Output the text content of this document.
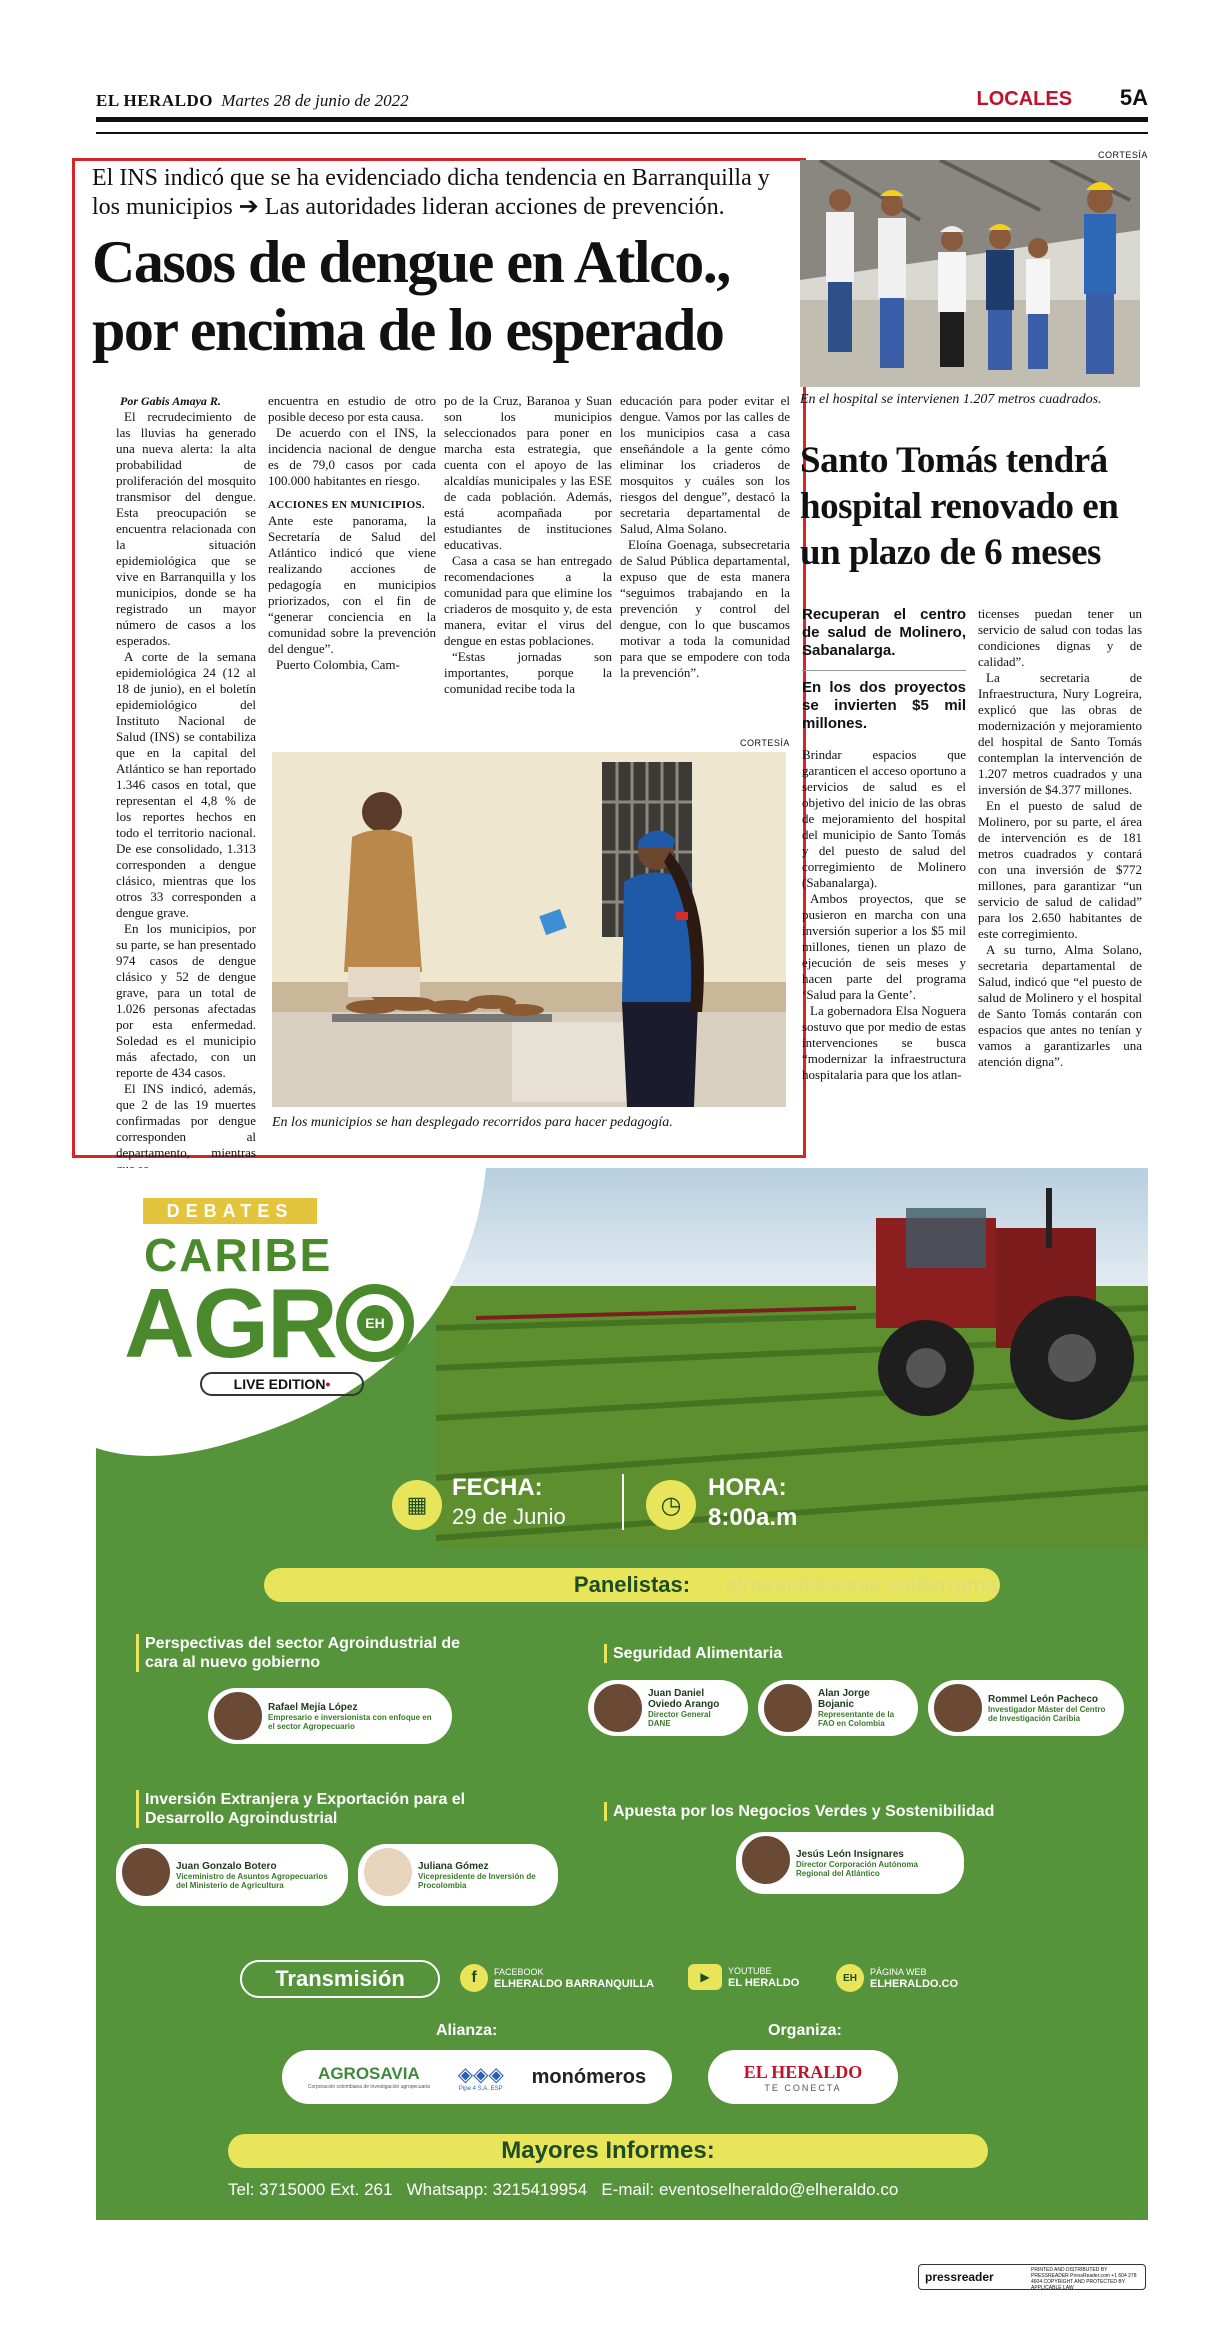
EL HERALDO Martes 28 de junio de 2022	LOCALES 5A
El INS indicó que se ha evidenciado dicha tendencia en Barranquilla y los municipios ➔ Las autoridades lideran acciones de prevención.
Casos de dengue en Atlco., por encima de lo esperado

Por Gabis Amaya R.

El recrudecimiento de las lluvias ha generado una nueva alerta: la alta probabilidad de proliferación del mosquito transmisor del dengue. Esta preocupación se encuentra relacionada con la situación epidemiológica que se vive en Barranquilla y los municipios, donde se ha registrado un mayor número de casos a los esperados.

A corte de la semana epidemiológica 24 (12 al 18 de junio), en el boletín epidemiológico del Instituto Nacional de Salud (INS) se contabiliza que en la capital del Atlántico se han reportado 1.346 casos en total, que representan el 4,8 % de los reportes hechos en todo el territorio nacional. De ese consolidado, 1.313 corresponden a dengue clásico, mientras que los otros 33 corresponden a dengue grave.

En los municipios, por su parte, se han presentado 974 casos de dengue clásico y 52 de dengue grave, para un total de 1.026 personas afectadas por esta enfermedad. Soledad es el municipio más afectado, con un reporte de 434 casos.

El INS indicó, además, que 2 de las 19 muertes confirmadas por dengue corresponden al departamento, mientras

encuentra en estudio de otro posible deceso por esta causa.

De acuerdo con el INS, la incidencia nacional de dengue es de 79,0 casos por cada 100.000 habitantes en riesgo.

ACCIONES EN MUNICIPIOS.

Ante este panorama, la Secretaría de Salud del Atlántico indicó que viene realizando acciones de pedagogía en municipios priorizados, con el fin de “generar conciencia en la comunidad sobre la prevención del dengue”.

Puerto Colombia, Cam-

po de la Cruz, Baranoa y Suan son los municipios seleccionados para poner en marcha esta estrategia, que cuenta con el apoyo de las alcaldías municipales y las ESE de cada población. Además, está acompañada por estudiantes de instituciones educativas.

Casa a casa se han entregado recomendaciones a la comunidad para que elimine los criaderos de mosquito y, de esta manera, evitar el virus del dengue en estas poblaciones.

“Estas jornadas son importantes, porque la comunidad recibe toda la

educación para poder evitar el dengue. Vamos por las calles de los municipios casa a casa enseñándole a la gente cómo eliminar los criaderos de mosquitos y cuáles son los riesgos del dengue”, destacó la secretaria departamental de Salud, Alma Solano.

Eloína Goenaga, subsecretaria de Salud Pública departamental, expuso que de esta manera “seguimos trabajando en la prevención y control del dengue, con lo que buscamos motivar a toda la comunidad para que se empodere con toda la prevención”.

CORTESÍA
En los municipios se han desplegado recorridos para hacer pedagogía.
CORTESÍA
En el hospital se intervienen 1.207 metros cuadrados.
Santo Tomás tendrá hospital renovado en un plazo de 6 meses

Recuperan el centro de salud de Molinero, Sabanalarga.

En los dos proyectos se invierten $5 mil millones.

Brindar espacios que garanticen el acceso oportuno a servicios de salud es el objetivo del inicio de las obras de mejoramiento del hospital del municipio de Santo Tomás y del puesto de salud del corregimiento de Molinero (Sabanalarga).

Ambos proyectos, que se pusieron en marcha con una inversión superior a los $5 mil millones, tienen un plazo de ejecución de seis meses y hacen parte del programa ‘Salud para la Gente’.

La gobernadora Elsa Noguera sostuvo que por medio de estas intervenciones se busca “modernizar la infraestructura hospitalaria para que los atlan-

ticenses puedan tener un servicio de salud con todas las condiciones dignas y de calidad”.

La secretaria de Infraestructura, Nury Logreira, explicó que las obras de modernización y mejoramiento del hospital de Santo Tomás contemplan la intervención de 1.207 metros cuadrados y una inversión de $4.377 millones.

En el puesto de salud de Molinero, por su parte, el área de intervención es de 181 metros cuadrados y contará con una inversión de $772 millones, para garantizar “un servicio de salud de calidad” para los 2.650 habitantes de este corregimiento.

A su turno, Alma Solano, secretaria departamental de Salud, indicó que “el puesto de salud de Molinero y el hospital de Santo Tomás contarán con espacios que antes no tenían y vamos a garantizarles una atención digna”.

DEBATES
CARIBE
AGR	EH
LIVE EDITION•
▦
FECHA:
29 de Junio	◷
HORA:
8:00a.m
Panelistas:	elheraldo#sonia valderrama
Perspectivas del sector Agroindustrial de cara al nuevo gobierno
Seguridad Alimentaria
Inversión Extranjera y Exportación para el Desarrollo Agroindustrial	Apuesta por los Negocios Verdes y Sostenibilidad
Rafael Mejía López
Empresario e inversionista con enfoque en el sector Agropecuario
Juan Daniel Oviedo Arango
Director General DANE
Alan Jorge Bojanic
Representante de la FAO en Colombia
Rommel León Pacheco
Investigador Máster del Centro de Investigación Caribia
Juan Gonzalo Botero
Viceministro de Asuntos Agropecuarios del Ministerio de Agricultura
Juliana Gómez
Vicepresidente de Inversión de Procolombia
Jesús León Insignares
Director Corporación Autónoma Regional del Atlántico
Transmisión	f	FACEBOOK
ELHERALDO BARRANQUILLA	▶	YOUTUBE
EL HERALDO	EH
PÁGINA WEB
ELHERALDO.CO
Alianza:	Organiza:
AGROSAVIA
Corporación colombiana de investigación agropecuaria
◈◈◈
Pipe 4 S.A. ESP
monómeros	EL HERALDO
TE CONECTA
Mayores Informes:
Tel: 3715000 Ext. 261   Whatsapp: 3215419954   E-mail: eventoselheraldo@elheraldo.co
pressreader	PRINTED AND DISTRIBUTED BY PRESSREADER PressReader.com +1 604 278 4604 COPYRIGHT AND PROTECTED BY APPLICABLE LAW
